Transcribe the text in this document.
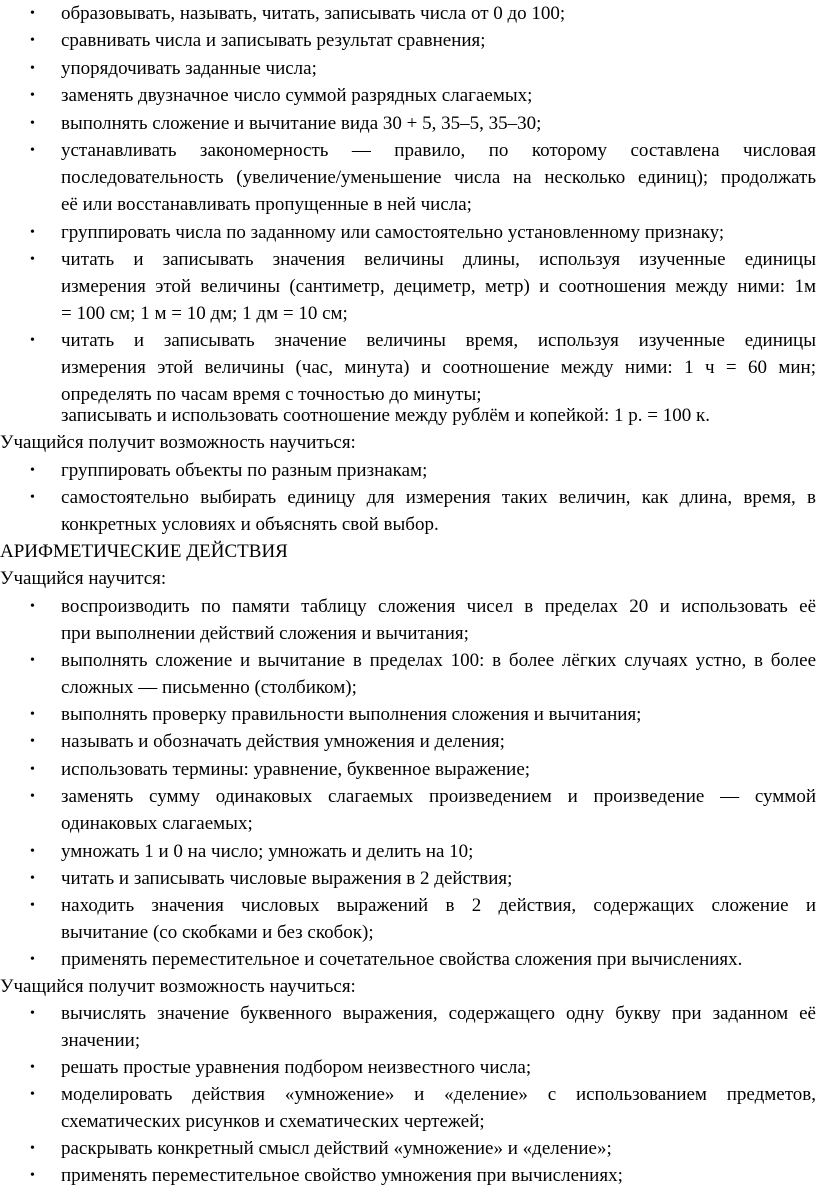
•	образовывать, называть, читать, записывать числа от 0 до 100;
•	сравнивать числа и записывать результат сравнения;
•	упорядочивать заданные числа;
•	заменять двузначное число суммой разрядных слагаемых;
•	выполнять сложение и вычитание вида 30 + 5, 35–5, 35–30;
•	устанавливать закономерность — правило, по которому составлена числовая
последовательность (увеличение/уменьшение числа на несколько единиц); продолжать
её или восстанавливать пропущенные в ней числа;
•	группировать числа по заданному или самостоятельно установленному признаку;
•	читать и записывать значения величины длины, используя изученные единицы
измерения этой величины (сантиметр, дециметр, метр) и соотношения между ними: 1м
= 100 см; 1 м = 10 дм; 1 дм = 10 см;
•	читать и записывать значение величины время, используя изученные единицы
измерения этой величины (час, минута) и соотношение между ними: 1 ч = 60 мин;
определять по часам время с точностью до минуты;
записывать и использовать соотношение между рублём и копейкой: 1 р. = 100 к.
Учащийся получит возможность научиться:
•	группировать объекты по разным признакам;
•	самостоятельно выбирать единицу для измерения таких величин, как длина, время, в
конкретных условиях и объяснять свой выбор.
АРИФМЕТИЧЕСКИЕ ДЕЙСТВИЯ
Учащийся научится:
•	воспроизводить по памяти таблицу сложения чисел в пределах 20 и использовать её
при выполнении действий сложения и вычитания;
•	выполнять сложение и вычитание в пределах 100: в более лёгких случаях устно, в более
сложных — письменно (столбиком);
•	выполнять проверку правильности выполнения сложения и вычитания;
•	называть и обозначать действия умножения и деления;
•	использовать термины: уравнение, буквенное выражение;
•	заменять сумму одинаковых слагаемых произведением и произведение — суммой
одинаковых слагаемых;
•	умножать 1 и 0 на число; умножать и делить на 10;
•	читать и записывать числовые выражения в 2 действия;
•	находить значения числовых выражений в 2 действия, содержащих сложение и
вычитание (со скобками и без скобок);
•	применять переместительное и сочетательное свойства сложения при вычислениях.
Учащийся получит возможность научиться:
•	вычислять значение буквенного выражения, содержащего одну букву при заданном её
значении;
•	решать простые уравнения подбором неизвестного числа;
•	моделировать действия «умножение» и «деление» с использованием предметов,
схематических рисунков и схематических чертежей;
•	раскрывать конкретный смысл действий «умножение» и «деление»;
•	применять переместительное свойство умножения при вычислениях;
